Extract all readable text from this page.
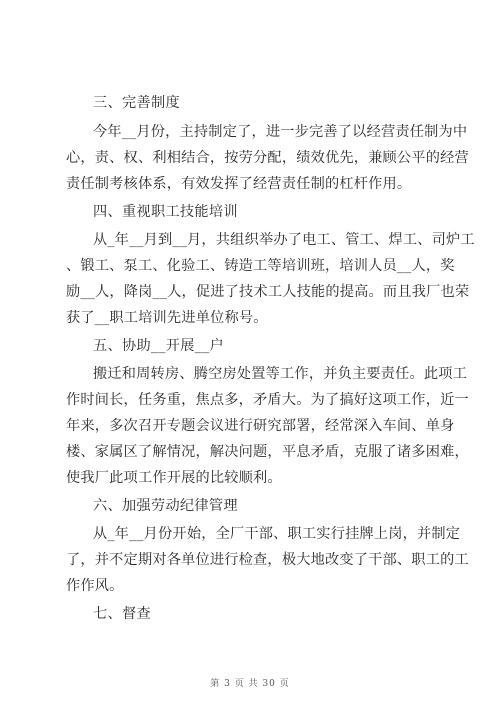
三、完善制度
今年__月份，主持制定了，进一步完善了以经营责任制为中
心，责、权、利相结合，按劳分配，绩效优先，兼顾公平的经营
责任制考核体系，有效发挥了经营责任制的杠杆作用。
四、重视职工技能培训
从_年__月到__月，共组织举办了电工、管工、焊工、司炉工
、锻工、泵工、化验工、铸造工等培训班，培训人员__人，奖
励__人，降岗__人，促进了技术工人技能的提高。而且我厂也荣
获了__职工培训先进单位称号。
五、协助__开展__户
搬迁和周转房、腾空房处置等工作，并负主要责任。此项工
作时间长，任务重，焦点多，矛盾大。为了搞好这项工作，近一
年来，多次召开专题会议进行研究部署，经常深入车间、单身
楼、家属区了解情况，解决问题，平息矛盾，克服了诸多困难，
使我厂此项工作开展的比较顺利。
六、加强劳动纪律管理
从_年__月份开始，全厂干部、职工实行挂牌上岗，并制定
了，并不定期对各单位进行检查，极大地改变了干部、职工的工
作作风。
七、督查
第 3 页 共 30 页
